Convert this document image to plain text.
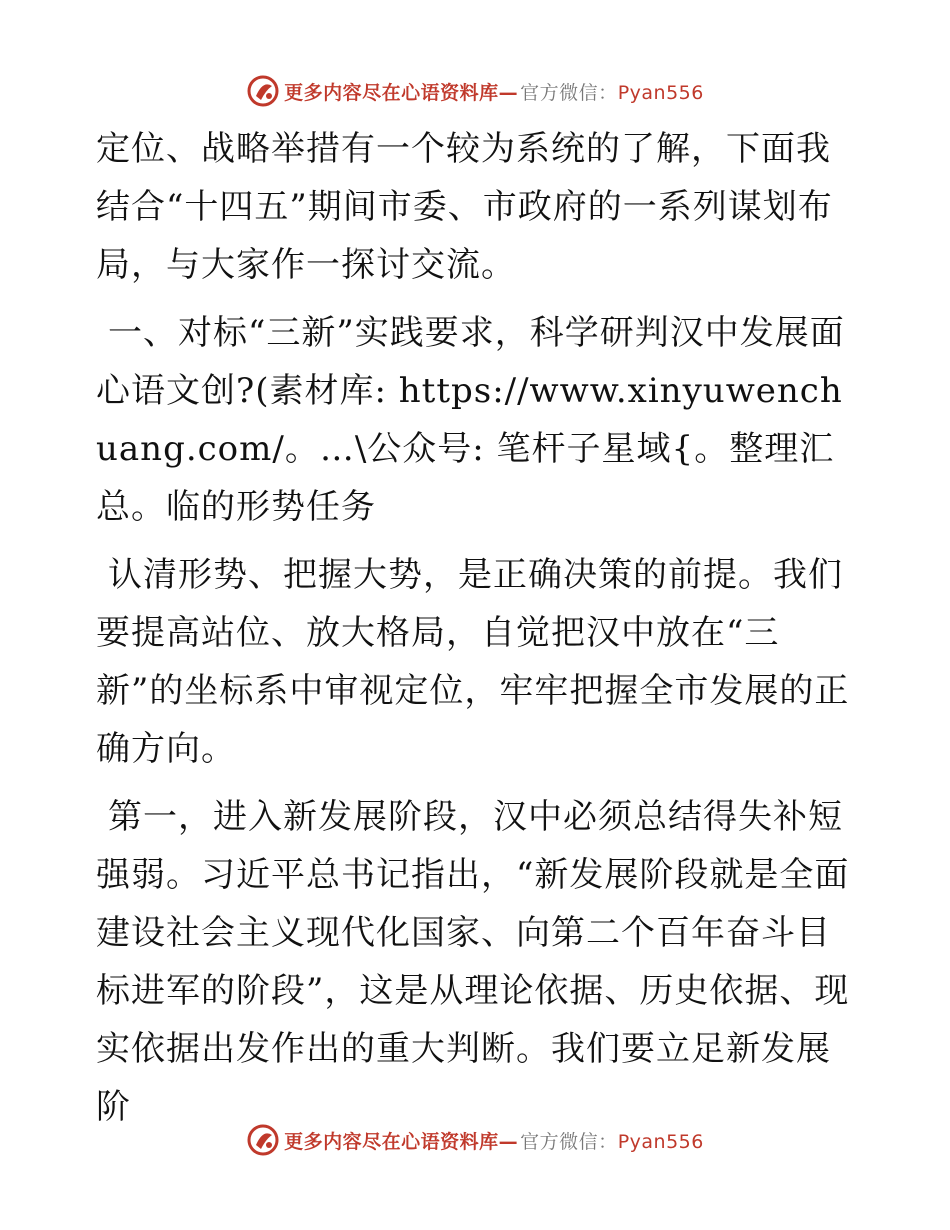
更多内容尽在心语资料库— 官方微信：Pyan556

定位、战略举措有一个较为系统的了解，下面我结合“十四五”期间市委、市政府的一系列谋划布局，与大家作一探讨交流。

一、对标“三新”实践要求，科学研判汉中发展面心语文创?(素材库: https://www.xinyuwenchuang.com/。…\公众号: 笔杆子星域{。整理汇总。临的形势任务

认清形势、把握大势，是正确决策的前提。我们要提高站位、放大格局，自觉把汉中放在“三新”的坐标系中审视定位，牢牢把握全市发展的正确方向。

第一，进入新发展阶段，汉中必须总结得失补短强弱。习近平总书记指出，“新发展阶段就是全面建设社会主义现代化国家、向第二个百年奋斗目标进军的阶段”，这是从理论依据、历史依据、现实依据出发作出的重大判断。我们要立足新发展阶

更多内容尽在心语资料库— 官方微信：Pyan556
